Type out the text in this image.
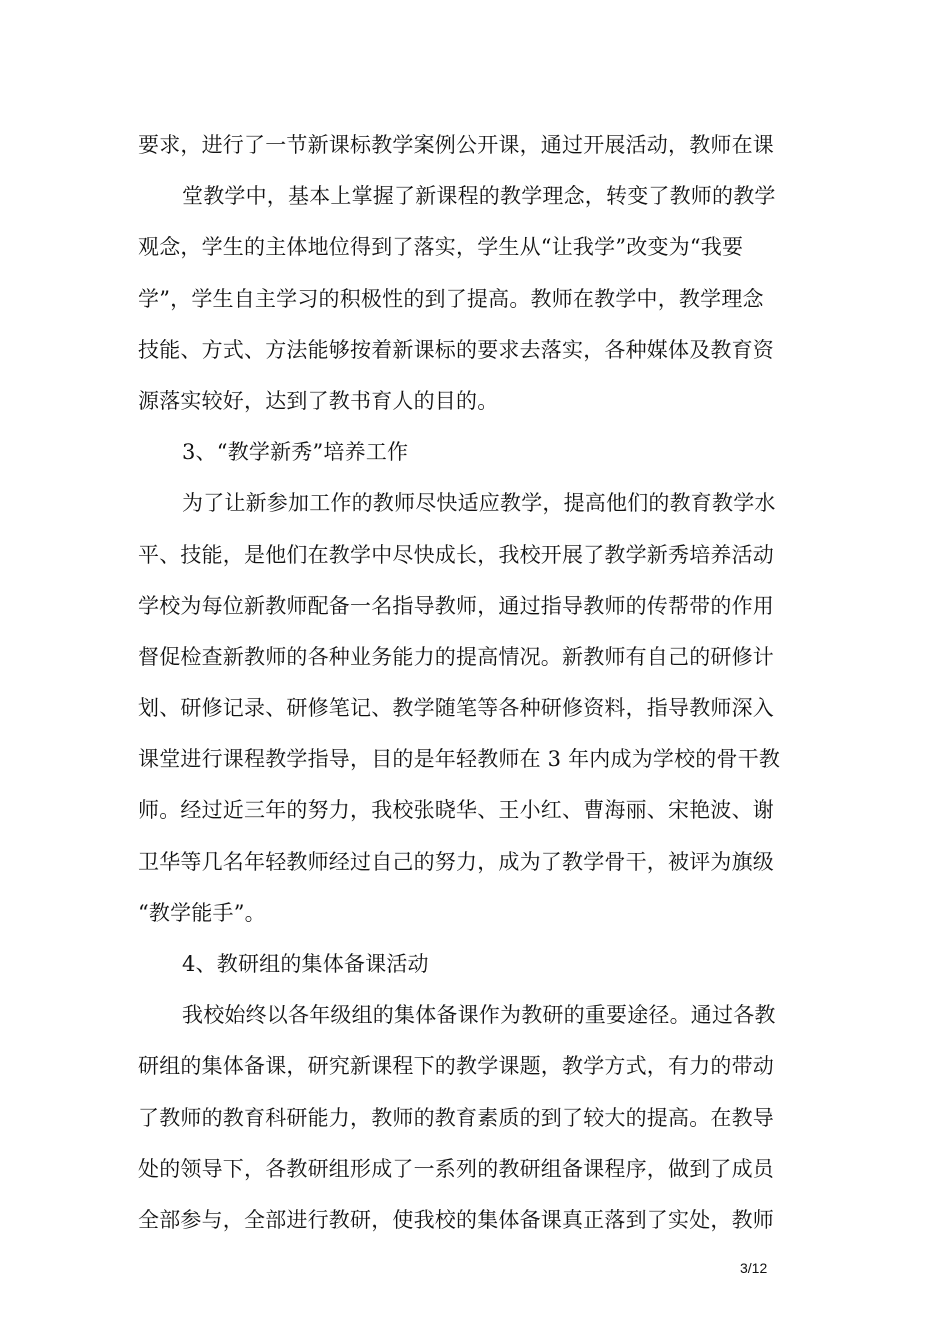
要求，进行了一节新课标教学案例公开课，通过开展活动，教师在课
堂教学中，基本上掌握了新课程的教学理念，转变了教师的教学
观念，学生的主体地位得到了落实，学生从“让我学”改变为“我要
学”，学生自主学习的积极性的到了提高。教师在教学中，教学理念
技能、方式、方法能够按着新课标的要求去落实，各种媒体及教育资
源落实较好，达到了教书育人的目的。
3、“教学新秀”培养工作
为了让新参加工作的教师尽快适应教学，提高他们的教育教学水
平、技能，是他们在教学中尽快成长，我校开展了教学新秀培养活动
学校为每位新教师配备一名指导教师，通过指导教师的传帮带的作用
督促检查新教师的各种业务能力的提高情况。新教师有自己的研修计
划、研修记录、研修笔记、教学随笔等各种研修资料，指导教师深入
课堂进行课程教学指导，目的是年轻教师在 3 年内成为学校的骨干教
师。经过近三年的努力，我校张晓华、王小红、曹海丽、宋艳波、谢
卫华等几名年轻教师经过自己的努力，成为了教学骨干，被评为旗级
“教学能手”。
4、教研组的集体备课活动
我校始终以各年级组的集体备课作为教研的重要途径。通过各教
研组的集体备课，研究新课程下的教学课题，教学方式，有力的带动
了教师的教育科研能力，教师的教育素质的到了较大的提高。在教导
处的领导下，各教研组形成了一系列的教研组备课程序，做到了成员
全部参与，全部进行教研，使我校的集体备课真正落到了实处，教师
3/12
